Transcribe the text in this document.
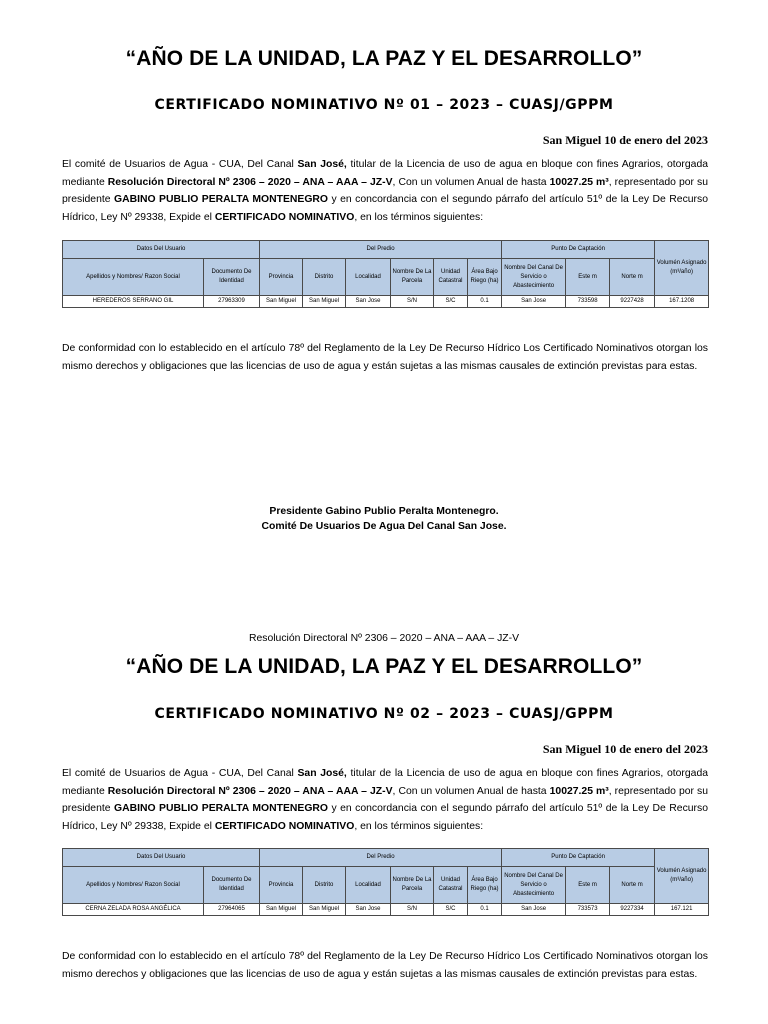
“AÑO DE LA UNIDAD, LA PAZ Y EL DESARROLLO”
CERTIFICADO NOMINATIVO Nº 01 – 2023 – CUASJ/GPPM
San Miguel 10 de enero del 2023

El comité de Usuarios de Agua - CUA, Del Canal San José, titular de la Licencia de uso de agua en bloque con fines Agrarios, otorgada mediante Resolución Directoral Nº 2306 – 2020 – ANA – AAA – JZ-V, Con un volumen Anual de hasta 10027.25 m³, representado por su presidente GABINO PUBLIO PERALTA MONTENEGRO y en concordancia con el segundo párrafo del artículo 51º de la Ley De Recurso Hídrico, Ley Nº 29338, Expide el CERTIFICADO NOMINATIVO, en los términos siguientes:

Datos Del Usuario		Del Predio						Punto De Captación			Volumén Asignado (m³/año)
Apellidos y Nombres/ Razon Social	Documento De Identidad	Provincia	Distrito	Localidad	Nombre De La Parcela	Unidad Catastral	Área Bajo Riego (ha)	Nombre Del Canal De Servicio o Abastecimiento	Este m	Norte m	
HEREDEROS SERRANO GIL	27963309	San Miguel	San Miguel	San Jose	S/N	S/C	0.1	San Jose	733598	9227428	167.1208

De conformidad con lo establecido en el artículo 78º del Reglamento de la Ley De Recurso Hídrico Los Certificado Nominativos otorgan los mismo derechos y obligaciones que las licencias de uso de agua y están sujetas a las mismas causales de extinción previstas para estas.

Presidente Gabino Publio Peralta Montenegro.
Comité De Usuarios De Agua Del Canal San Jose.
Resolución Directoral Nº 2306 – 2020 – ANA – AAA – JZ-V
“AÑO DE LA UNIDAD, LA PAZ Y EL DESARROLLO”
CERTIFICADO NOMINATIVO Nº 02 – 2023 – CUASJ/GPPM
San Miguel 10 de enero del 2023

El comité de Usuarios de Agua - CUA, Del Canal San José, titular de la Licencia de uso de agua en bloque con fines Agrarios, otorgada mediante Resolución Directoral Nº 2306 – 2020 – ANA – AAA – JZ-V, Con un volumen Anual de hasta 10027.25 m³, representado por su presidente GABINO PUBLIO PERALTA MONTENEGRO y en concordancia con el segundo párrafo del artículo 51º de la Ley De Recurso Hídrico, Ley Nº 29338, Expide el CERTIFICADO NOMINATIVO, en los términos siguientes:

Datos Del Usuario		Del Predio						Punto De Captación			Volumén Asignado (m³/año)
Apellidos y Nombres/ Razon Social	Documento De Identidad	Provincia	Distrito	Localidad	Nombre De La Parcela	Unidad Catastral	Área Bajo Riego (ha)	Nombre Del Canal De Servicio o Abastecimiento	Este m	Norte m	
CERNA ZELADA ROSA ANGÉLICA	27964065	San Miguel	San Miguel	San Jose	S/N	S/C	0.1	San Jose	733573	9227334	167.121

De conformidad con lo establecido en el artículo 78º del Reglamento de la Ley De Recurso Hídrico Los Certificado Nominativos otorgan los mismo derechos y obligaciones que las licencias de uso de agua y están sujetas a las mismas causales de extinción previstas para estas.
